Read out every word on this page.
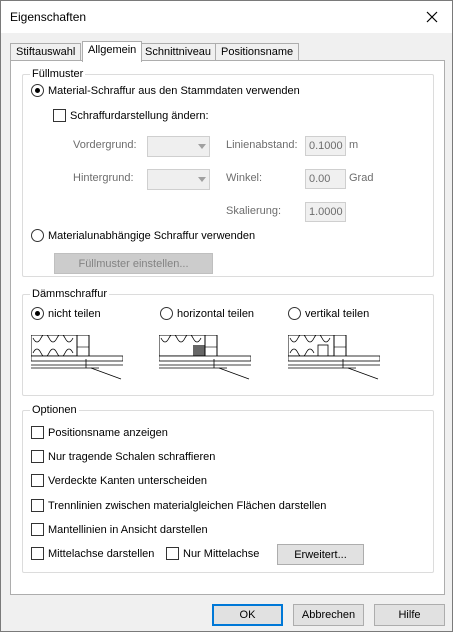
Eigenschaften
Stiftauswahl	Allgemein Schnittniveau Positionsname
Füllmuster
Material-Schraffur aus den Stammdaten verwenden
Schraffurdarstellung ändern:
Vordergrund:
Hintergrund:
Linienabstand:	0.1000 m
Winkel:	0.00	Grad
Skalierung:	1.0000
Materialunabhängige Schraffur verwenden
Füllmuster einstellen...
Dämmschraffur
nicht teilen	horizontal teilen	vertikal teilen
Optionen
Positionsname anzeigen
Nur tragende Schalen schraffieren
Verdeckte Kanten unterscheiden
Trennlinien zwischen materialgleichen Flächen darstellen
Mantellinien in Ansicht darstellen
Mittelachse darstellen	Nur Mittelachse	Erweitert...
OK	Abbrechen	Hilfe
